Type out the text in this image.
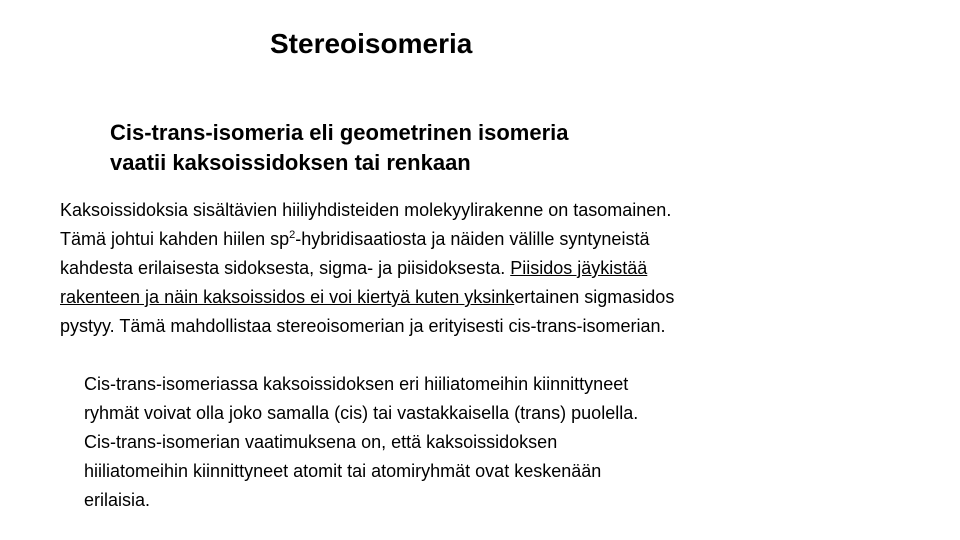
Stereoisomeria
Cis-trans-isomeria eli geometrinen isomeria
vaatii kaksoissidoksen tai renkaan
Kaksoissidoksia sisältävien hiiliyhdisteiden molekyylirakenne on tasomainen.
Tämä johtui kahden hiilen $sp^2$-hybridisaatiosta ja näiden välille syntyneistä
kahdesta erilaisesta sidoksesta, sigma- ja piisidoksesta. Piisidos jäykistää
rakenteen ja näin kaksoissidos ei voi kiertyä kuten yksinkertainen sigmasidos
pystyy. Tämä mahdollistaa stereoisomerian ja erityisesti cis-trans-isomerian.
Cis-trans-isomeriassa kaksoissidoksen eri hiiliatomeihin kiinnittyneet
ryhmät voivat olla joko samalla (cis) tai vastakkaisella (trans) puolella.
Cis-trans-isomerian vaatimuksena on, että kaksoissidoksen
hiiliatomeihin kiinnittyneet atomit tai atomiryhmät ovat keskenään
erilaisia.
